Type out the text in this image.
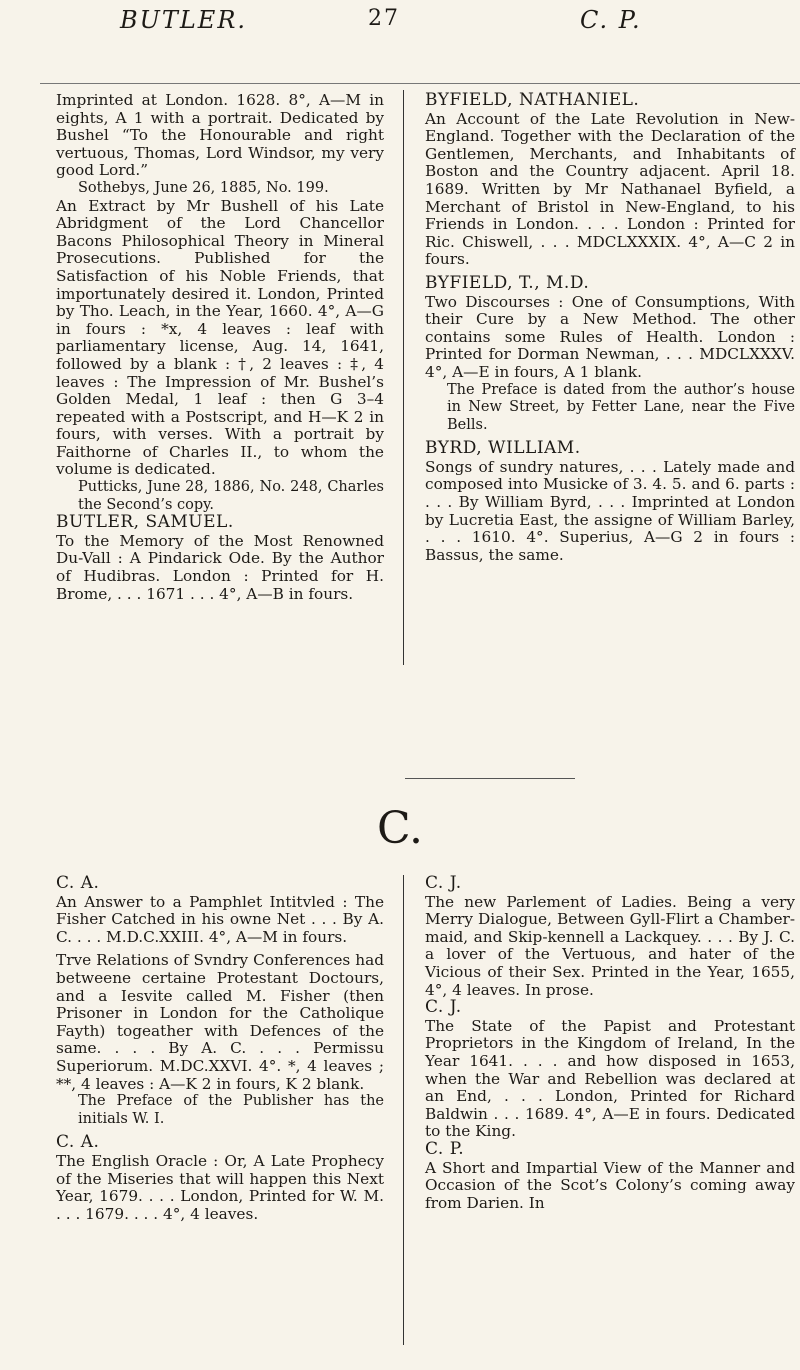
BUTLER.	27	C. P.
Imprinted at London. 1628. 8°, A—M in eights, A 1 with a portrait. Dedicated by Bushel “To the Honourable and right vertuous, Thomas, Lord Windsor, my very good Lord.”
Sothebys, June 26, 1885, No. 199.
An Extract by Mr Bushell of his Late Abridgment of the Lord Chancellor Bacons Philosophical Theory in Mineral Prosecutions. Published for the Satisfaction of his Noble Friends, that importunately desired it. London, Printed by Tho. Leach, in the Year, 1660. 4°, A—G in fours : *x, 4 leaves : leaf with parliamentary license, Aug. 14, 1641, followed by a blank : †, 2 leaves : ‡, 4 leaves : The Impression of Mr. Bushel’s Golden Medal, 1 leaf : then G 3–4 repeated with a Postscript, and H—K 2 in fours, with verses. With a portrait by Faithorne of Charles II., to whom the volume is dedicated.
Putticks, June 28, 1886, No. 248, Charles the Second’s copy.
BUTLER, SAMUEL.
To the Memory of the Most Renowned Du-Vall : A Pindarick Ode. By the Author of Hudibras. London : Printed for H. Brome, . . . 1671 . . . 4°, A—B in fours.
BYFIELD, NATHANIEL.
An Account of the Late Revolution in New-England. Together with the Declaration of the Gentlemen, Merchants, and Inhabitants of Boston and the Country adjacent. April 18. 1689. Written by Mr Nathanael Byfield, a Merchant of Bristol in New-England, to his Friends in London. . . . London : Printed for Ric. Chiswell, . . . MDCLXXXIX. 4°, A—C 2 in fours.
BYFIELD, T., M.D.
Two Discourses : One of Consumptions, With their Cure by a New Method. The other contains some Rules of Health. London : Printed for Dorman Newman, . . . MDCLXXXV. 4°, A—E in fours, A 1 blank.
The Preface is dated from the author’s house in New Street, by Fetter Lane, near the Five Bells.
BYRD, WILLIAM.
Songs of sundry natures, . . . Lately made and composed into Musicke of 3. 4. 5. and 6. parts : . . . By William Byrd, . . . Imprinted at London by Lucretia East, the assigne of William Barley, . . . 1610. 4°. Superius, A—G 2 in fours : Bassus, the same.
C.
C. A.
An Answer to a Pamphlet Intitvled : The Fisher Catched in his owne Net . . . By A. C. . . . M.D.C.XXIII. 4°, A—M in fours.
Trve Relations of Svndry Conferences had betweene certaine Protestant Doctours, and a Iesvite called M. Fisher (then Prisoner in London for the Catholique Fayth) togeather with Defences of the same. . . . By A. C. . . . Permissu Superiorum. M.DC.XXVI. 4°. *, 4 leaves ; **, 4 leaves : A—K 2 in fours, K 2 blank.
The Preface of the Publisher has the initials W. I.
C. A.
The English Oracle : Or, A Late Prophecy of the Miseries that will happen this Next Year, 1679. . . . London, Printed for W. M. . . . 1679. . . . 4°, 4 leaves.
C. J.
The new Parlement of Ladies. Being a very Merry Dialogue, Between Gyll-Flirt a Chamber-maid, and Skip-kennell a Lackquey. . . . By J. C. a lover of the Vertuous, and hater of the Vicious of their Sex. Printed in the Year, 1655, 4°, 4 leaves. In prose.
C. J.
The State of the Papist and Protestant Proprietors in the Kingdom of Ireland, In the Year 1641. . . . and how disposed in 1653, when the War and Rebellion was declared at an End, . . . London, Printed for Richard Baldwin . . . 1689. 4°, A—E in fours. Dedicated to the King.
C. P.
A Short and Impartial View of the Manner and Occasion of the Scot’s Colony’s coming away from Darien. In
